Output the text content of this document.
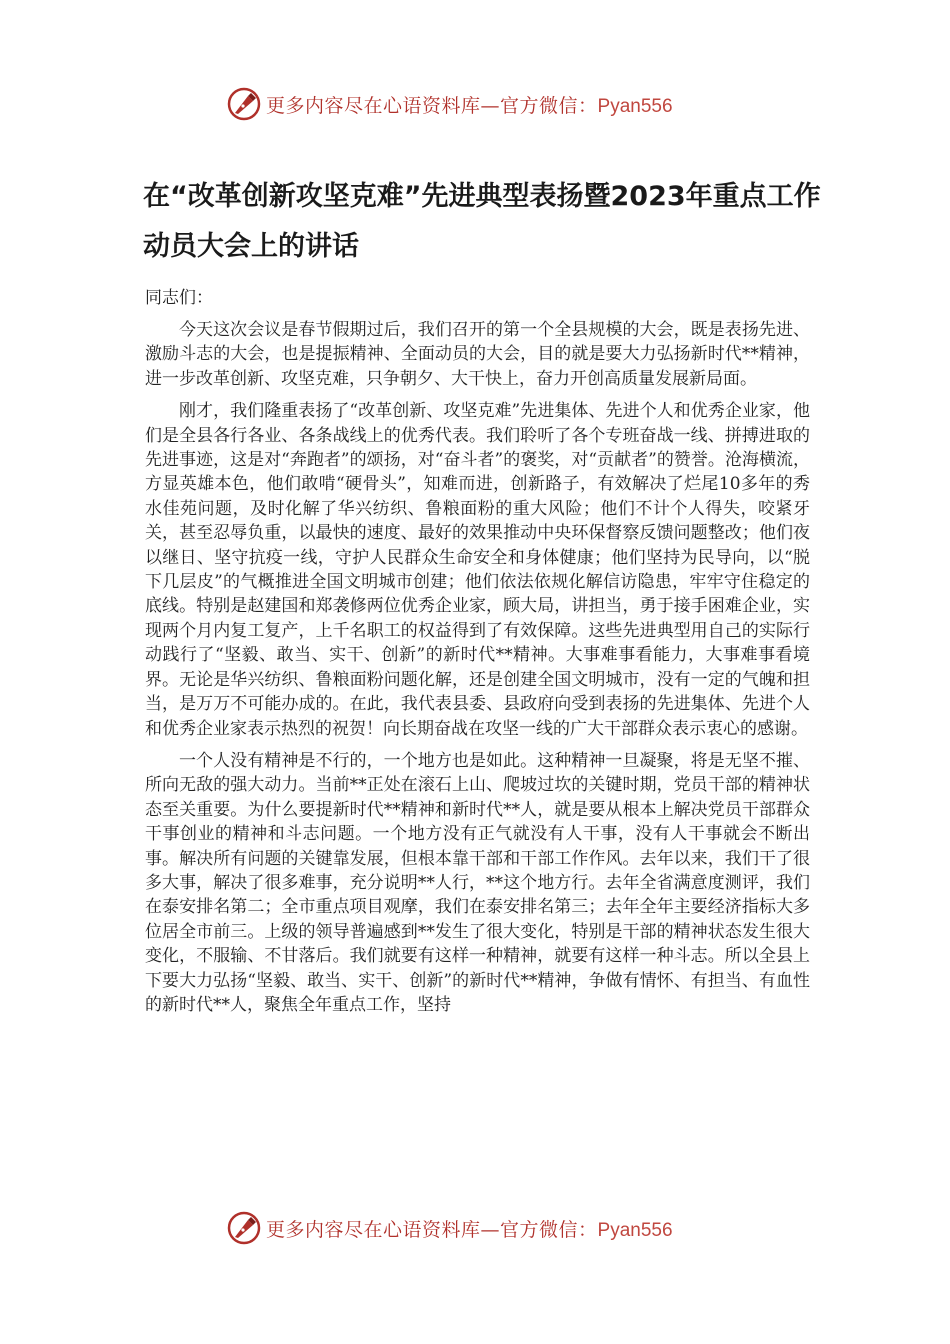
更多内容尽在心语资料库—官方微信：Pyan556
在“改革创新攻坚克难”先进典型表扬暨2023年重点工作动员大会上的讲话

同志们：

今天这次会议是春节假期过后，我们召开的第一个全县规模的大会，既是表扬先进、激励斗志的大会，也是提振精神、全面动员的大会，目的就是要大力弘扬新时代**精神，进一步改革创新、攻坚克难，只争朝夕、大干快上，奋力开创高质量发展新局面。

刚才，我们隆重表扬了“改革创新、攻坚克难”先进集体、先进个人和优秀企业家，他们是全县各行各业、各条战线上的优秀代表。我们聆听了各个专班奋战一线、拼搏进取的先进事迹，这是对“奔跑者”的颂扬，对“奋斗者”的褒奖，对“贡献者”的赞誉。沧海横流，方显英雄本色，他们敢啃“硬骨头”，知难而进，创新路子，有效解决了烂尾10多年的秀水佳苑问题，及时化解了华兴纺织、鲁粮面粉的重大风险；他们不计个人得失，咬紧牙关，甚至忍辱负重，以最快的速度、最好的效果推动中央环保督察反馈问题整改；他们夜以继日、坚守抗疫一线，守护人民群众生命安全和身体健康；他们坚持为民导向，以“脱下几层皮”的气概推进全国文明城市创建；他们依法依规化解信访隐患，牢牢守住稳定的底线。特别是赵建国和郑袭修两位优秀企业家，顾大局，讲担当，勇于接手困难企业，实现两个月内复工复产，上千名职工的权益得到了有效保障。这些先进典型用自己的实际行动践行了“坚毅、敢当、实干、创新”的新时代**精神。大事难事看能力，大事难事看境界。无论是华兴纺织、鲁粮面粉问题化解，还是创建全国文明城市，没有一定的气魄和担当，是万万不可能办成的。在此，我代表县委、县政府向受到表扬的先进集体、先进个人和优秀企业家表示热烈的祝贺！向长期奋战在攻坚一线的广大干部群众表示衷心的感谢。

一个人没有精神是不行的，一个地方也是如此。这种精神一旦凝聚，将是无坚不摧、所向无敌的强大动力。当前**正处在滚石上山、爬坡过坎的关键时期，党员干部的精神状态至关重要。为什么要提新时代**精神和新时代**人，就是要从根本上解决党员干部群众干事创业的精神和斗志问题。一个地方没有正气就没有人干事，没有人干事就会不断出事。解决所有问题的关键靠发展，但根本靠干部和干部工作作风。去年以来，我们干了很多大事，解决了很多难事，充分说明**人行，**这个地方行。去年全省满意度测评，我们在泰安排名第二；全市重点项目观摩，我们在泰安排名第三；去年全年主要经济指标大多位居全市前三。上级的领导普遍感到**发生了很大变化，特别是干部的精神状态发生很大变化，不服输、不甘落后。我们就要有这样一种精神，就要有这样一种斗志。所以全县上下要大力弘扬“坚毅、敢当、实干、创新”的新时代**精神，争做有情怀、有担当、有血性的新时代**人，聚焦全年重点工作，坚持

更多内容尽在心语资料库—官方微信：Pyan556
